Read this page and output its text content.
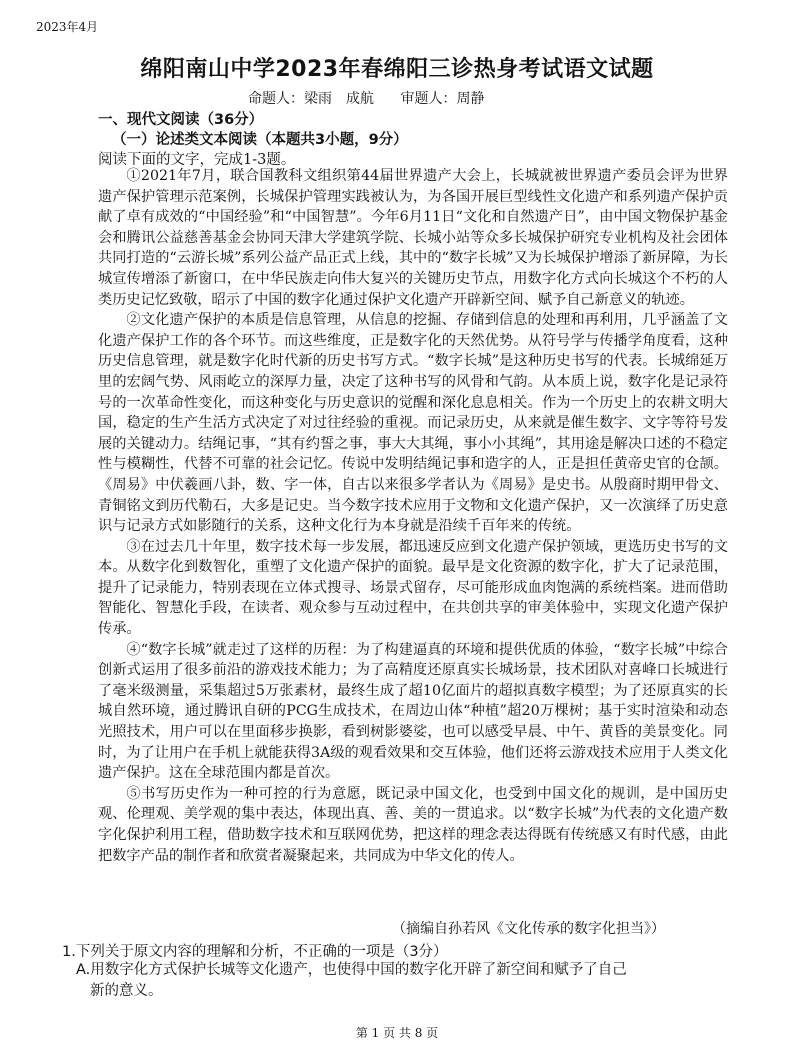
2023年4月
绵阳南山中学2023年春绵阳三诊热身考试语文试题
命题人：梁雨　成航 审题人：周静
一、现代文阅读（36分）
（一）论述类文本阅读（本题共3小题，9分）
阅读下面的文字，完成1-3题。

①2021年7月，联合国教科文组织第44届世界遗产大会上，长城就被世界遗产委员会评为世界遗产保护管理示范案例，长城保护管理实践被认为，为各国开展巨型线性文化遗产和系列遗产保护贡献了卓有成效的“中国经验”和“中国智慧”。今年6月11日“文化和自然遗产日”，由中国文物保护基金会和腾讯公益慈善基金会协同天津大学建筑学院、长城小站等众多长城保护研究专业机构及社会团体共同打造的“云游长城”系列公益产品正式上线，其中的“数字长城”又为长城保护增添了新屏障，为长城宣传增添了新窗口，在中华民族走向伟大复兴的关键历史节点，用数字化方式向长城这个不朽的人类历史记忆致敬，昭示了中国的数字化通过保护文化遗产开辟新空间、赋予自己新意义的轨迹。

②文化遗产保护的本质是信息管理，从信息的挖掘、存储到信息的处理和再利用，几乎涵盖了文化遗产保护工作的各个环节。而这些维度，正是数字化的天然优势。从符号学与传播学角度看，这种历史信息管理，就是数字化时代新的历史书写方式。“数字长城”是这种历史书写的代表。长城绵延万里的宏阔气势、风雨屹立的深厚力量，决定了这种书写的风骨和气韵。从本质上说，数字化是记录符号的一次革命性变化，而这种变化与历史意识的觉醒和深化息息相关。作为一个历史上的农耕文明大国，稳定的生产生活方式决定了对过往经验的重视。而记录历史，从来就是催生数字、文字等符号发展的关键动力。结绳记事，“其有约誓之事，事大大其绳，事小小其绳”，其用途是解决口述的不稳定性与模糊性，代替不可靠的社会记忆。传说中发明结绳记事和造字的人，正是担任黄帝史官的仓颉。《周易》中伏羲画八卦，数、字一体，自古以来很多学者认为《周易》是史书。从殷商时期甲骨文、青铜铭文到历代勒石，大多是记史。当今数字技术应用于文物和文化遗产保护，又一次演绎了历史意识与记录方式如影随行的关系，这种文化行为本身就是沿续千百年来的传统。

③在过去几十年里，数字技术每一步发展，都迅速反应到文化遗产保护领域，更选历史书写的文本。从数字化到数智化，重塑了文化遗产保护的面貌。最早是文化资源的数字化，扩大了记录范围，提升了记录能力，特别表现在立体式搜寻、场景式留存，尽可能形成血肉饱满的系统档案。进而借助智能化、智慧化手段，在读者、观众参与互动过程中，在共创共享的审美体验中，实现文化遗产保护传承。

④“数字长城”就走过了这样的历程：为了构建逼真的环境和提供优质的体验，“数字长城”中综合创新式运用了很多前沿的游戏技术能力；为了高精度还原真实长城场景，技术团队对喜峰口长城进行了毫米级测量，采集超过5万张素材，最终生成了超10亿面片的超拟真数字模型；为了还原真实的长城自然环境，通过腾讯自研的PCG生成技术，在周边山体“种植”超20万棵树；基于实时渲染和动态光照技术，用户可以在里面移步换影，看到树影婆娑，也可以感受早晨、中午、黄昏的美景变化。同时，为了让用户在手机上就能获得3A级的观看效果和交互体验，他们还将云游戏技术应用于人类文化遗产保护。这在全球范围内都是首次。

⑤书写历史作为一种可控的行为意愿，既记录中国文化，也受到中国文化的规训，是中国历史观、伦理观、美学观的集中表达，体现出真、善、美的一贯追求。以“数字长城”为代表的文化遗产数字化保护利用工程，借助数字技术和互联网优势，把这样的理念表达得既有传统感又有时代感，由此把数字产品的制作者和欣赏者凝聚起来，共同成为中华文化的传人。

（摘编自孙若风《文化传承的数字化担当》）
1.下列关于原文内容的理解和分析，不正确的一项是（3分）
A.用数字化方式保护长城等文化遗产，也使得中国的数字化开辟了新空间和赋予了自己
新的意义。
第 1 页 共 8 页
